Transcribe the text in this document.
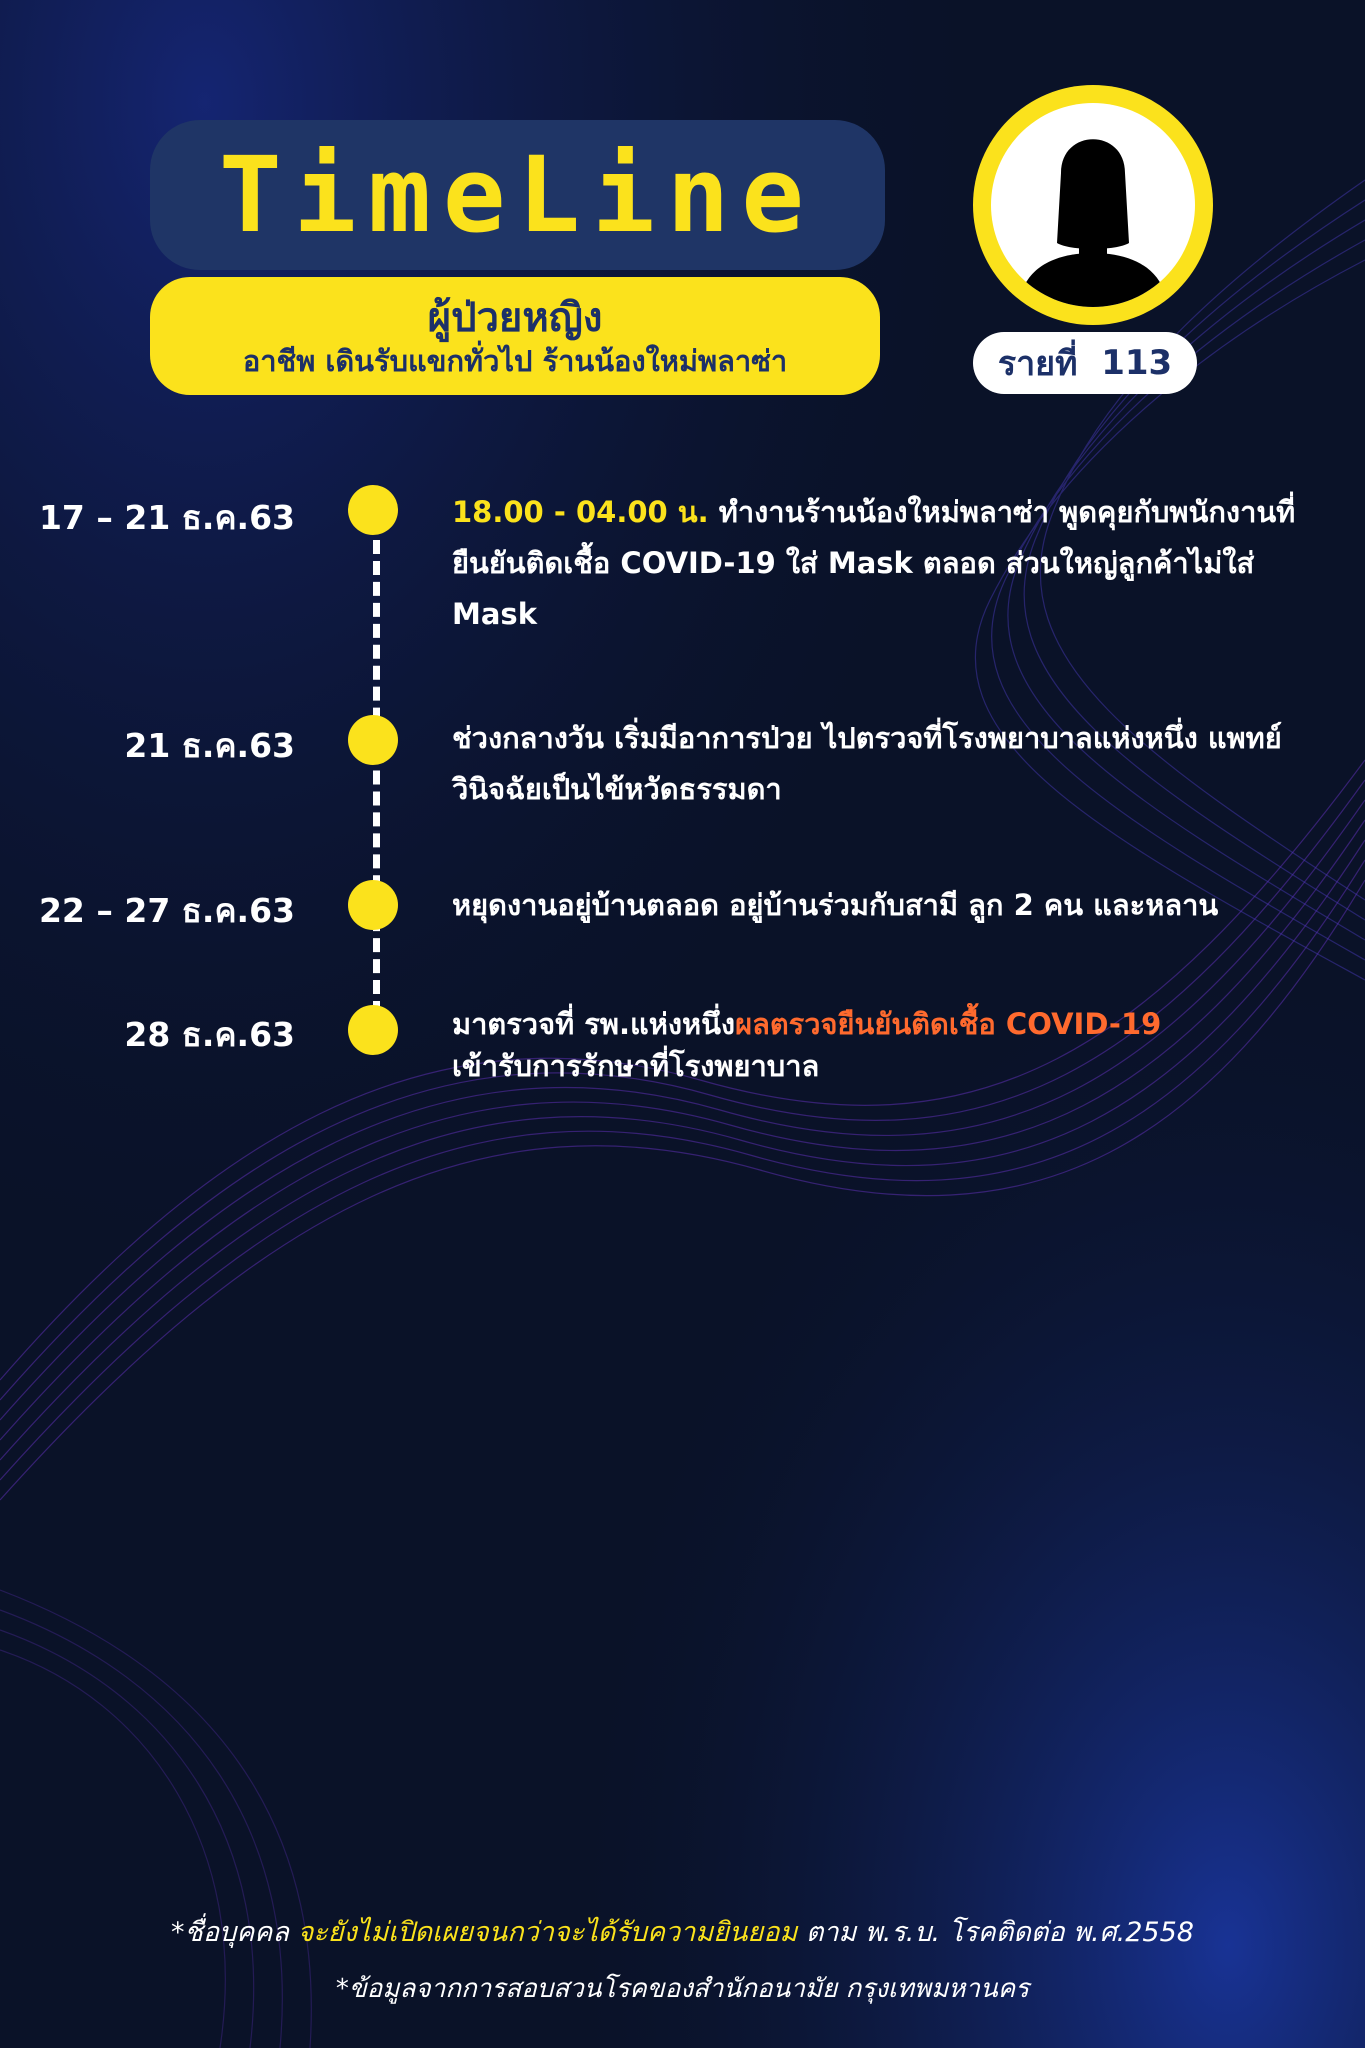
TimeLine
ผู้ป่วยหญิง
อาชีพ เดินรับแขกทั่วไป ร้านน้องใหม่พลาซ่า	รายที่
113
17 – 21 ธ.ค.63	18.00 - 04.00 น. ทำงานร้านน้องใหม่พลาซ่า พูดคุยกับพนักงานที่ยืนยันติดเชื้อ COVID-19 ใส่ Mask ตลอด ส่วนใหญ่ลูกค้าไม่ใส่ Mask
21 ธ.ค.63	ช่วงกลางวัน เริ่มมีอาการป่วย ไปตรวจที่โรงพยาบาลแห่งหนึ่ง แพทย์วินิจฉัยเป็นไข้หวัดธรรมดา
22 – 27 ธ.ค.63	หยุดงานอยู่บ้านตลอด อยู่บ้านร่วมกับสามี ลูก 2 คน และหลาน
28 ธ.ค.63	มาตรวจที่ รพ.แห่งหนึ่งผลตรวจยืนยันติดเชื้อ COVID-19
เข้ารับการรักษาที่โรงพยาบาล
*ชื่อบุคคล จะยังไม่เปิดเผยจนกว่าจะได้รับความยินยอม ตาม พ.ร.บ. โรคติดต่อ พ.ศ.2558
*ข้อมูลจากการสอบสวนโรคของสำนักอนามัย กรุงเทพมหานคร
